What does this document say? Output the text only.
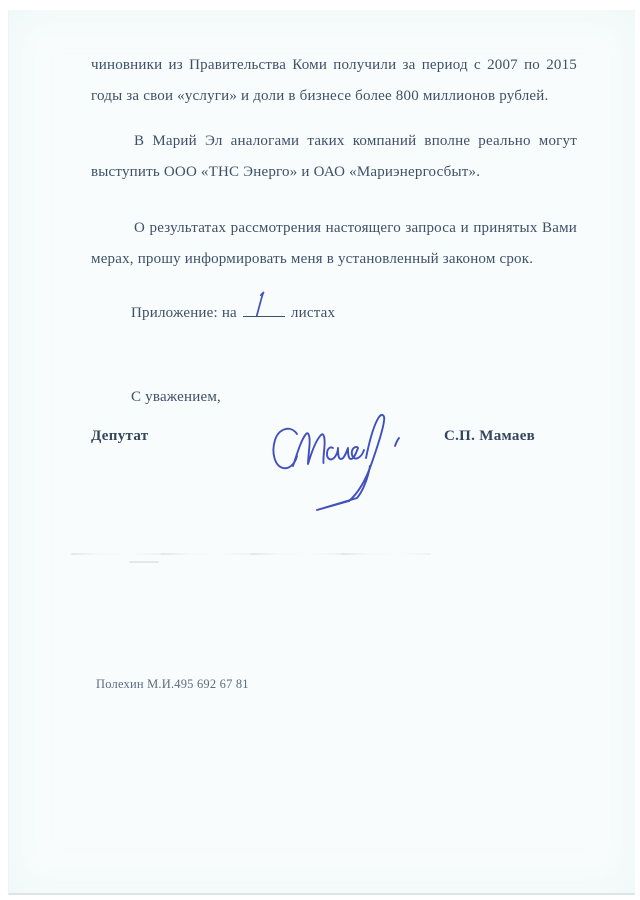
чиновники из Правительства Коми получили за период с 2007 по 2015 годы за свои «услуги» и доли в бизнесе более 800 миллионов рублей.

В Марий Эл аналогами таких компаний вполне реально могут выступить ООО «ТНС Энерго» и ОАО «Мариэнергосбыт».

О результатах рассмотрения настоящего запроса и принятых Вами мерах, прошу информировать меня в установленный законом срок.

Приложение: на	листах

С уважением,

Депутат	С.П. Мамаев

Полехин М.И.495 692 67 81
